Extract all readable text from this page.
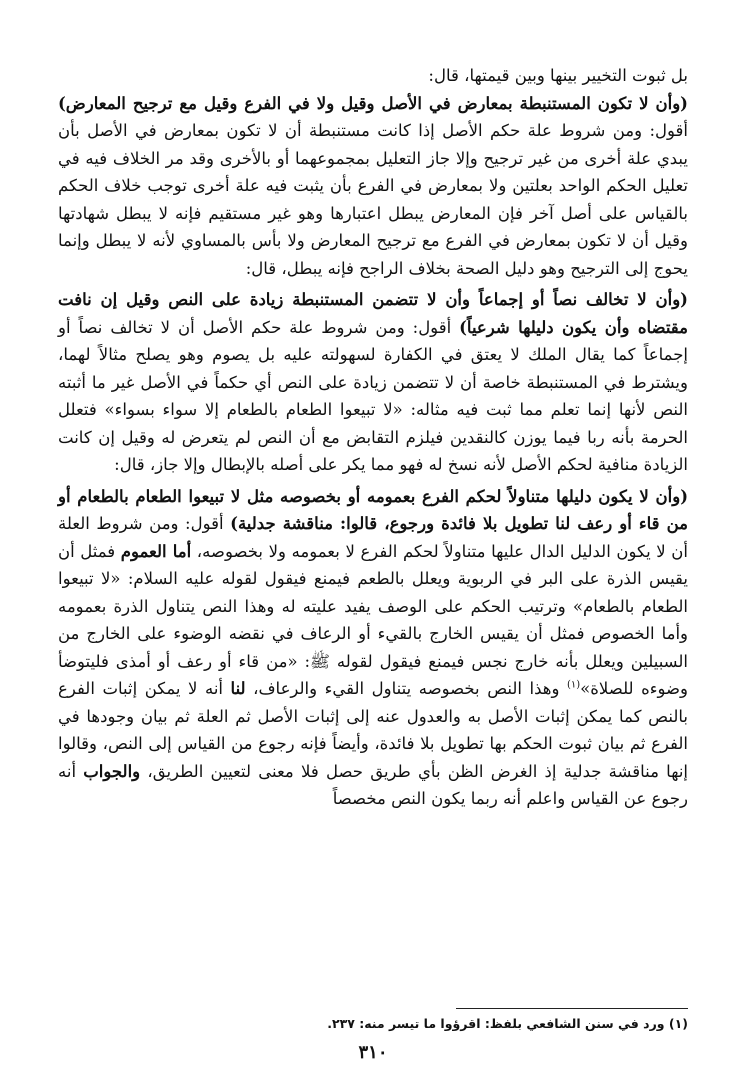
بل ثبوت التخيير بينها وبين قيمتها، قال:

(وأن لا تكون المستنبطة بمعارض في الأصل وقيل ولا في الفرع وقيل مع ترجيح المعارض) أقول: ومن شروط علة حكم الأصل إذا كانت مستنبطة أن لا تكون بمعارض في الأصل بأن يبدي علة أخرى من غير ترجيح وإلا جاز التعليل بمجموعهما أو بالأخرى وقد مر الخلاف فيه في تعليل الحكم الواحد بعلتين ولا بمعارض في الفرع بأن يثبت فيه علة أخرى توجب خلاف الحكم بالقياس على أصل آخر فإن المعارض يبطل اعتبارها وهو غير مستقيم فإنه لا يبطل شهادتها وقيل أن لا تكون بمعارض في الفرع مع ترجيح المعارض ولا بأس بالمساوي لأنه لا يبطل وإنما يحوج إلى الترجيح وهو دليل الصحة بخلاف الراجح فإنه يبطل، قال:

(وأن لا تخالف نصاً أو إجماعاً وأن لا تتضمن المستنبطة زيادة على النص وقيل إن نافت مقتضاه وأن يكون دليلها شرعياً) أقول: ومن شروط علة حكم الأصل أن لا تخالف نصاً أو إجماعاً كما يقال الملك لا يعتق في الكفارة لسهولته عليه بل يصوم وهو يصلح مثالاً لهما، ويشترط في المستنبطة خاصة أن لا تتضمن زيادة على النص أي حكماً في الأصل غير ما أثبته النص لأنها إنما تعلم مما ثبت فيه مثاله: «لا تبيعوا الطعام بالطعام إلا سواء بسواء» فتعلل الحرمة بأنه ربا فيما يوزن كالنقدين فيلزم التقابض مع أن النص لم يتعرض له وقيل إن كانت الزيادة منافية لحكم الأصل لأنه نسخ له فهو مما يكر على أصله بالإبطال وإلا جاز، قال:

(وأن لا يكون دليلها متناولاً لحكم الفرع بعمومه أو بخصوصه مثل لا تبيعوا الطعام بالطعام أو من قاء أو رعف لنا تطويل بلا فائدة ورجوع، قالوا: مناقشة جدلية) أقول: ومن شروط العلة أن لا يكون الدليل الدال عليها متناولاً لحكم الفرع لا بعمومه ولا بخصوصه، أما العموم فمثل أن يقيس الذرة على البر في الربوية ويعلل بالطعم فيمنع فيقول لقوله عليه السلام: «لا تبيعوا الطعام بالطعام» وترتيب الحكم على الوصف يفيد عليته له وهذا النص يتناول الذرة بعمومه وأما الخصوص فمثل أن يقيس الخارج بالقيء أو الرعاف في نقضه الوضوء على الخارج من السبيلين ويعلل بأنه خارج نجس فيمنع فيقول لقوله ﷺ: «من قاء أو رعف أو أمذى فليتوضأ وضوءه للصلاة»$^{(١)}$ وهذا النص بخصوصه يتناول القيء والرعاف، لنا أنه لا يمكن إثبات الفرع بالنص كما يمكن إثبات الأصل به والعدول عنه إلى إثبات الأصل ثم العلة ثم بيان وجودها في الفرع ثم بيان ثبوت الحكم بها تطويل بلا فائدة، وأيضاً فإنه رجوع من القياس إلى النص، وقالوا إنها مناقشة جدلية إذ الغرض الظن بأي طريق حصل فلا معنى لتعيين الطريق، والجواب أنه رجوع عن القياس واعلم أنه ربما يكون النص مخصصاً

(١) ورد في سنن الشافعي بلفظ: اقرؤوا ما تيسر منه: ٢٣٧.
٣١٠
